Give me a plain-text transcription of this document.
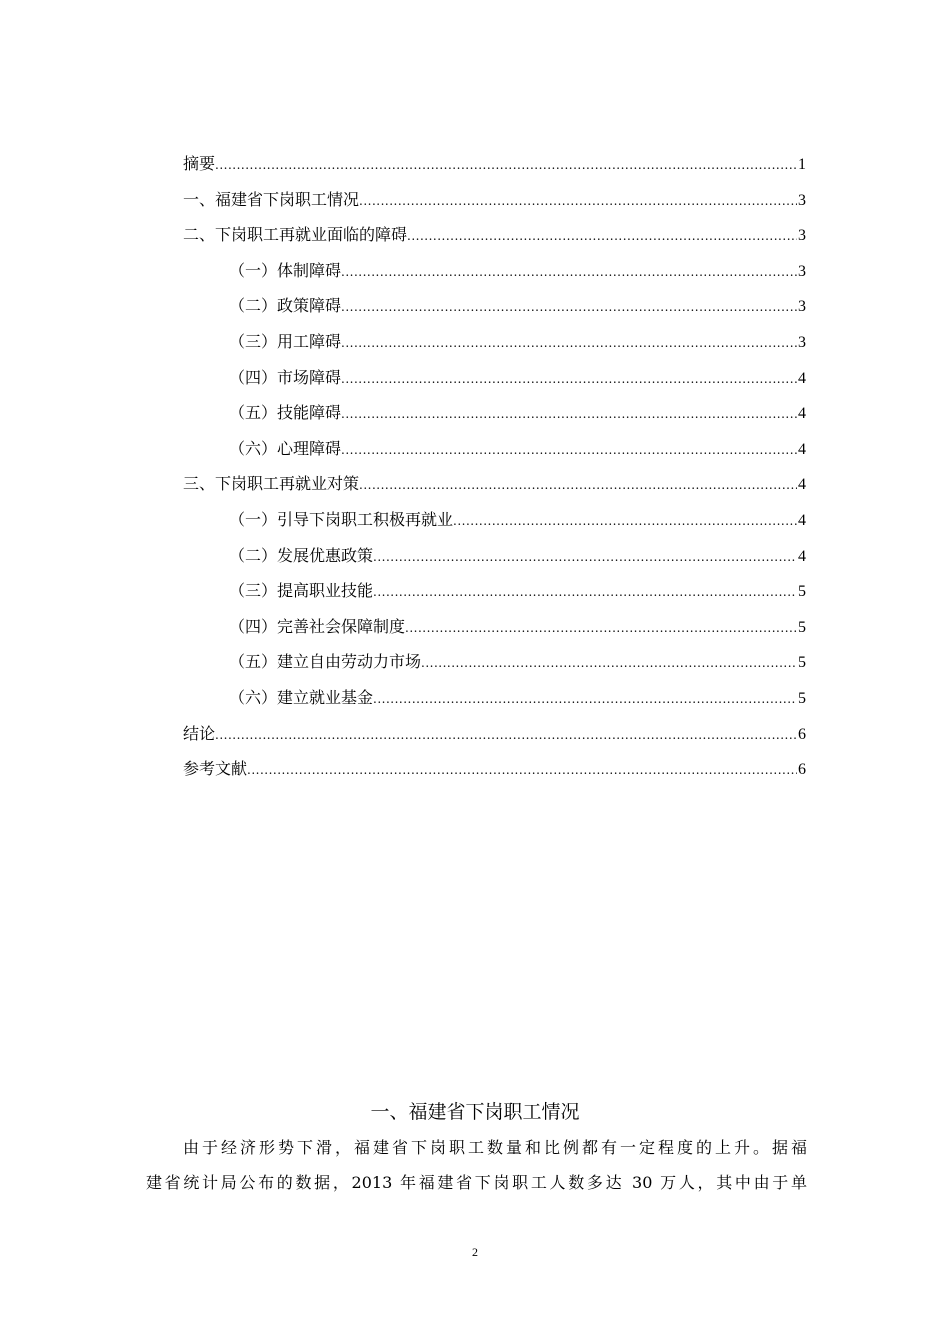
摘要 .....	1
一、福建省下岗职工情况 .....	3
二、下岗职工再就业面临的障碍 .....	3
（一）体制障碍 .....	3
（二）政策障碍 .....	3
（三）用工障碍 .....	3
（四）市场障碍 .....	4
（五）技能障碍 .....	4
（六）心理障碍 .....	4
三、下岗职工再就业对策 .....	4
（一）引导下岗职工积极再就业 .....	4
（二）发展优惠政策 .....	4
（三）提高职业技能 .....	5
（四）完善社会保障制度 .....	5
（五）建立自由劳动力市场 .....	5
（六）建立就业基金 .....	5
结论 .....	6
参考文献 .....	6
一、福建省下岗职工情况

由于经济形势下滑，福建省下岗职工数量和比例都有一定程度的上升。据福
建省统计局公布的数据，2013 年福建省下岗职工人数多达 30 万人，其中由于单

2
